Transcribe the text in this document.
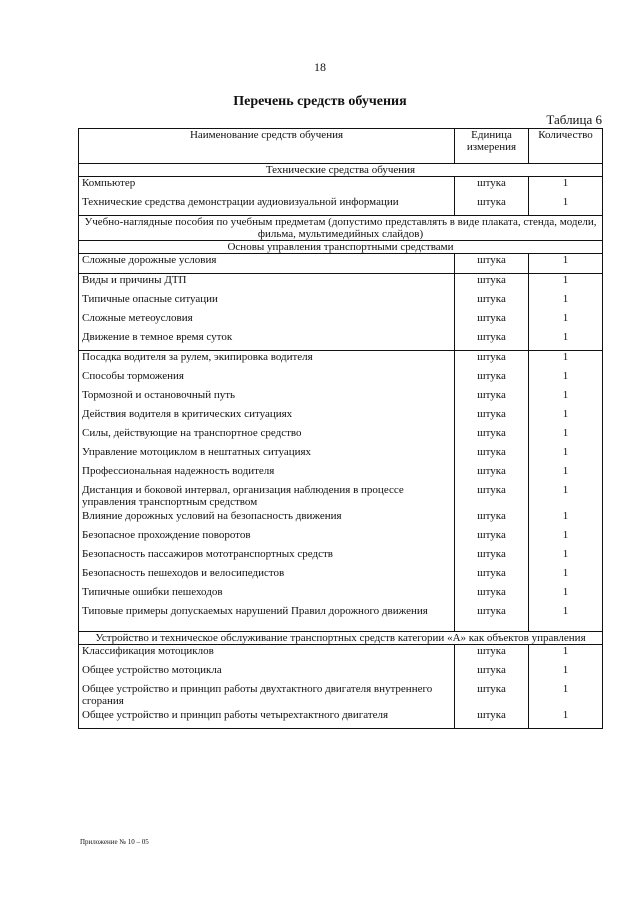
18
Перечень средств обучения
Таблица 6
Наименование средств обучения	Единица измерения	Количество
Технические средства обучения		
Компьютер	штука	1
Технические средства демонстрации аудиовизуальной информации	штука	1
Учебно-наглядные пособия по учебным предметам (допустимо представлять в виде плаката, стенда, модели, фильма, мультимедийных слайдов)		
Основы управления транспортными средствами		
Сложные дорожные условия	штука	1
Виды и причины ДТП	штука	1
Типичные опасные ситуации	штука	1
Сложные метеоусловия	штука	1
Движение в темное время суток	штука	1
Посадка водителя за рулем, экипировка водителя	штука	1
Способы торможения	штука	1
Тормозной и остановочный путь	штука	1
Действия водителя в критических ситуациях	штука	1
Силы, действующие на транспортное средство	штука	1
Управление мотоциклом в нештатных ситуациях	штука	1
Профессиональная надежность водителя	штука	1
Дистанция и боковой интервал, организация наблюдения в процессе управления транспортным средством	штука	1
Влияние дорожных условий на безопасность движения	штука	1
Безопасное прохождение поворотов	штука	1
Безопасность пассажиров мототранспортных средств	штука	1
Безопасность пешеходов и велосипедистов	штука	1
Типичные ошибки пешеходов	штука	1
Типовые примеры допускаемых нарушений Правил дорожного движения	штука	1
Устройство и техническое обслуживание транспортных средств категории «А» как объектов управления		
Классификация мотоциклов	штука	1
Общее устройство мотоцикла	штука	1
Общее устройство и принцип работы двухтактного двигателя внутреннего сгорания	штука	1
Общее устройство и принцип работы четырехтактного двигателя	штука	1
Приложение № 10 – 05
